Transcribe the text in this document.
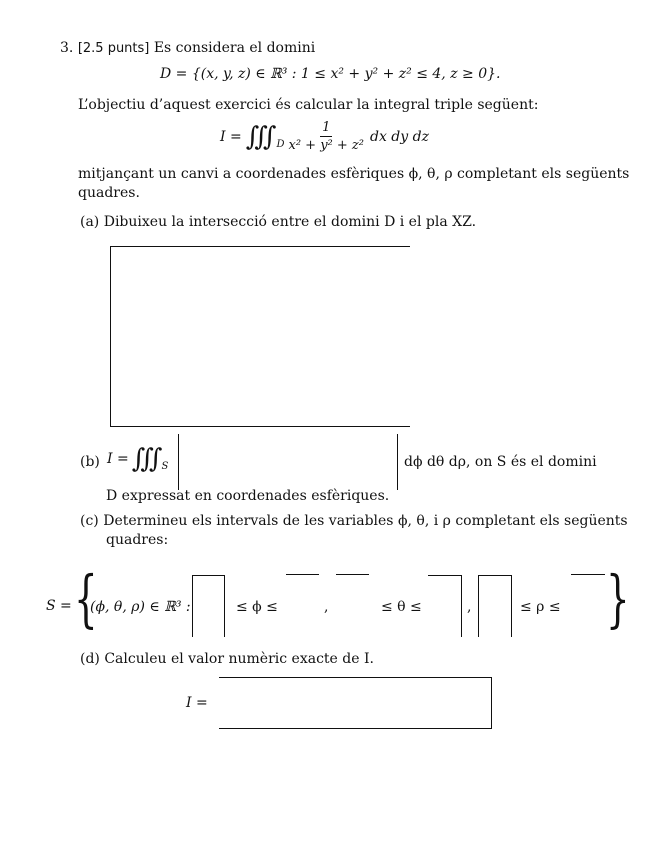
3. [2.5 punts] Es considera el domini
D = {(x, y, z) ∈ ℝ³ : 1 ≤ x² + y² + z² ≤ 4, z ≥ 0}.
L’objectiu d’aquest exercici és calcular la integral triple següent:
I = ∭ D $\frac{1}{\text{x² + y² + z²}}$ dx dy dz
mitjançant un canvi a coordenades esfèriques ϕ, θ, ρ completant els següents
quadres.
(a) Dibuixeu la intersecció entre el domini D i el pla XZ.
(b) I = ∭ S	dϕ dθ dρ, on S és el domini
D expressat en coordenades esfèriques.
(c) Determineu els intervals de les variables ϕ, θ, i ρ completant els següents
quadres:
S = {
(ϕ, θ, ρ) ∈ ℝ³ :	≤ ϕ ≤	,	≤ θ ≤	,	≤ ρ ≤ }
(d) Calculeu el valor numèric exacte de I.
I =
